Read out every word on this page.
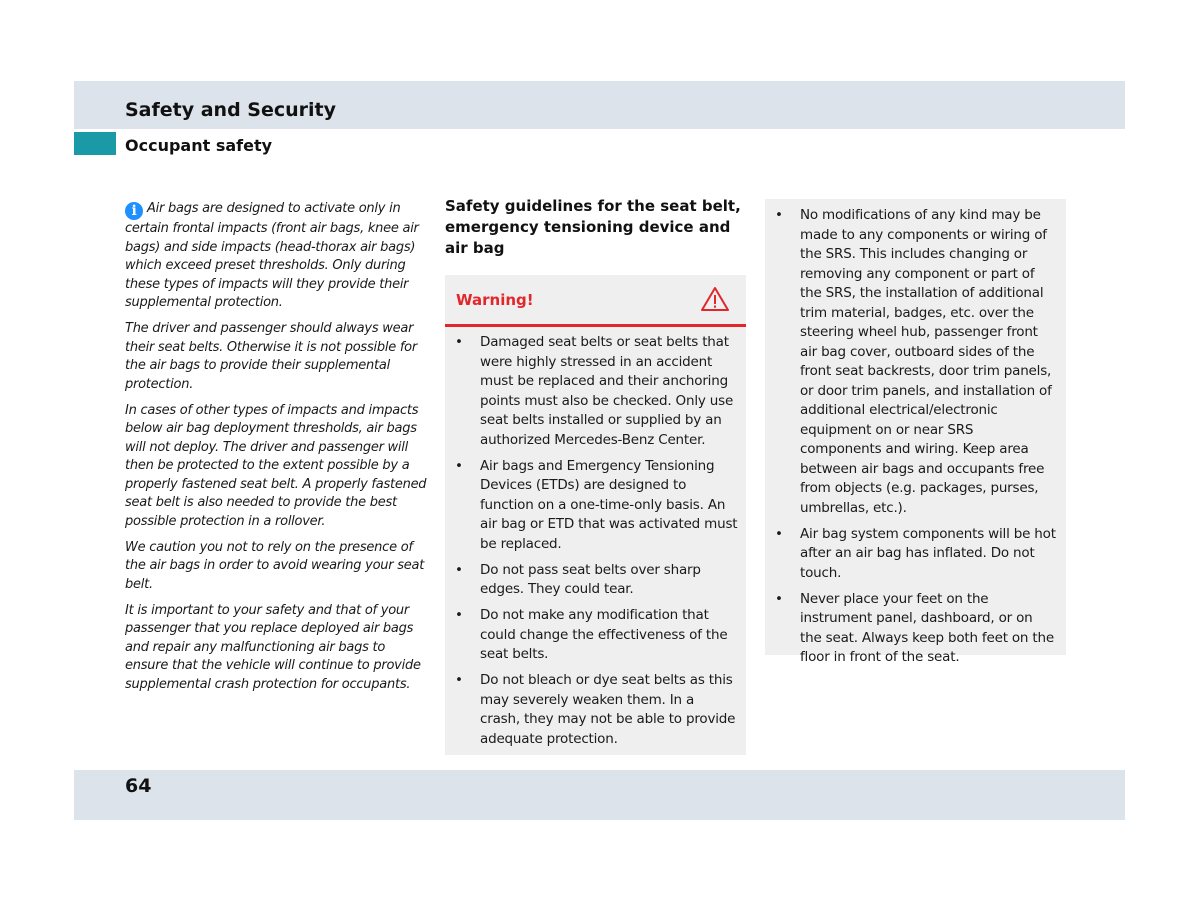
Safety and Security
Occupant safety

i Air bags are designed to activate only in certain frontal impacts (front air bags, knee air bags) and side impacts (head-thorax air bags) which exceed preset thresholds. Only during these types of impacts will they provide their supplemental protection.

The driver and passenger should always wear their seat belts. Otherwise it is not possible for the air bags to provide their supplemental protection.

In cases of other types of impacts and impacts below air bag deployment thresholds, air bags will not deploy. The driver and passenger will then be protected to the extent possible by a properly fastened seat belt. A properly fastened seat belt is also needed to provide the best possible protection in a rollover.

We caution you not to rely on the presence of the air bags in order to avoid wearing your seat belt.

It is important to your safety and that of your passenger that you replace deployed air bags and repair any malfunctioning air bags to ensure that the vehicle will continue to provide supplemental crash protection for occupants.

Safety guidelines for the seat belt, emergency tensioning device and air bag
Warning!
• Damaged seat belts or seat belts that were highly stressed in an accident must be replaced and their anchoring points must also be checked. Only use seat belts installed or supplied by an authorized Mercedes-Benz Center.
• Air bags and Emergency Tensioning Devices (ETDs) are designed to function on a one-time-only basis. An air bag or ETD that was activated must be replaced.
• Do not pass seat belts over sharp edges. They could tear.
• Do not make any modification that could change the effectiveness of the seat belts.
• Do not bleach or dye seat belts as this may severely weaken them. In a crash, they may not be able to provide adequate protection.
• No modifications of any kind may be made to any components or wiring of the SRS. This includes changing or removing any component or part of the SRS, the installation of additional trim material, badges, etc. over the steering wheel hub, passenger front air bag cover, outboard sides of the front seat backrests, door trim panels, or door trim panels, and installation of additional electrical/electronic equipment on or near SRS components and wiring. Keep area between air bags and occupants free from objects (e.g. packages, purses, umbrellas, etc.).
• Air bag system components will be hot after an air bag has inflated. Do not touch.
• Never place your feet on the instrument panel, dashboard, or on the seat. Always keep both feet on the floor in front of the seat.
64
